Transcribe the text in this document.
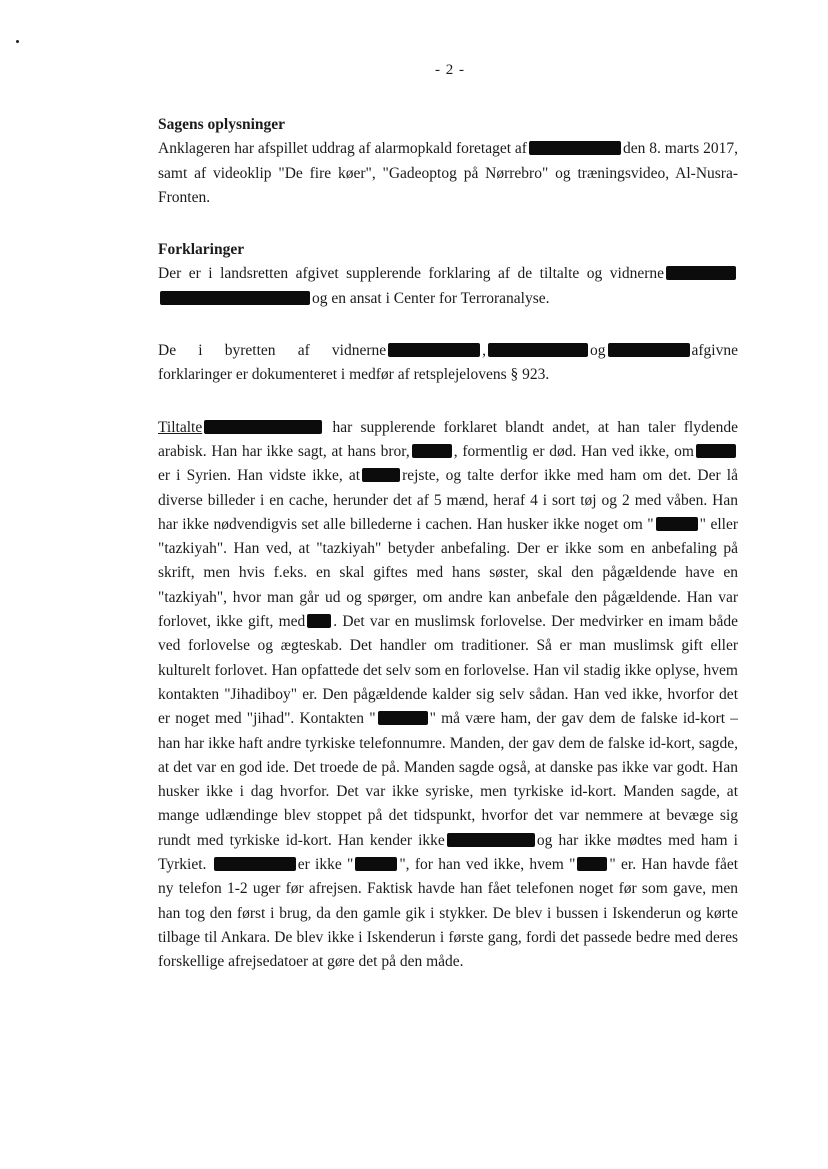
- 2 -
Sagens oplysninger

Anklageren har afspillet uddrag af alarmopkald foretaget af	den 8. marts 2017, samt af videoklip "De fire køer", "Gadeoptog på Nørrebro" og træningsvideo, Al-Nusra-Fronten.

Forklaringer

Der er i landsretten afgivet supplerende forklaring af de tiltalte og vidnerne og en ansat i Center for Terroranalyse.

De i byretten af vidnerne	,	og	afgivne forklaringer er dokumenteret i medfør af retsplejelovens § 923.

Tiltalte	har supplerende forklaret blandt andet, at han taler flydende arabisk. Han har ikke sagt, at hans bror,	, formentlig er død. Han ved ikke, om er i Syrien. Han vidste ikke, at	rejste, og talte derfor ikke med ham om det. Der lå diverse billeder i en cache, herunder det af 5 mænd, heraf 4 i sort tøj og 2 med våben. Han har ikke nødvendigvis set alle billederne i cachen. Han husker ikke noget om "	" eller "tazkiyah". Han ved, at "tazkiyah" betyder anbefaling. Der er ikke som en anbefaling på skrift, men hvis f.eks. en skal giftes med hans søster, skal den pågældende have en "tazkiyah", hvor man går ud og spørger, om andre kan anbefale den pågældende. Han var forlovet, ikke gift, med . Det var en muslimsk forlovelse. Der medvirker en imam både ved forlovelse og ægteskab. Det handler om traditioner. Så er man muslimsk gift eller kulturelt forlovet. Han opfattede det selv som en forlovelse. Han vil stadig ikke oplyse, hvem kontakten "Jihadiboy" er. Den pågældende kalder sig selv sådan. Han ved ikke, hvorfor det er noget med "jihad". Kontakten "	" må være ham, der gav dem de falske id-kort – han har ikke haft andre tyrkiske telefonnumre. Manden, der gav dem de falske id-kort, sagde, at det var en god ide. Det troede de på. Manden sagde også, at danske pas ikke var godt. Han husker ikke i dag hvorfor. Det var ikke syriske, men tyrkiske id-kort. Manden sagde, at mange udlændinge blev stoppet på det tidspunkt, hvorfor det var nemmere at bevæge sig rundt med tyrkiske id-kort. Han kender ikke	og har ikke mødtes med ham i Tyrkiet.	er ikke "	", for han ved ikke, hvem " " er. Han havde fået ny telefon 1-2 uger før afrejsen. Faktisk havde han fået telefonen noget før som gave, men han tog den først i brug, da den gamle gik i stykker. De blev i bussen i Iskenderun og kørte tilbage til Ankara. De blev ikke i Iskenderun i første gang, fordi det passede bedre med deres forskellige afrejsedatoer at gøre det på den måde.
